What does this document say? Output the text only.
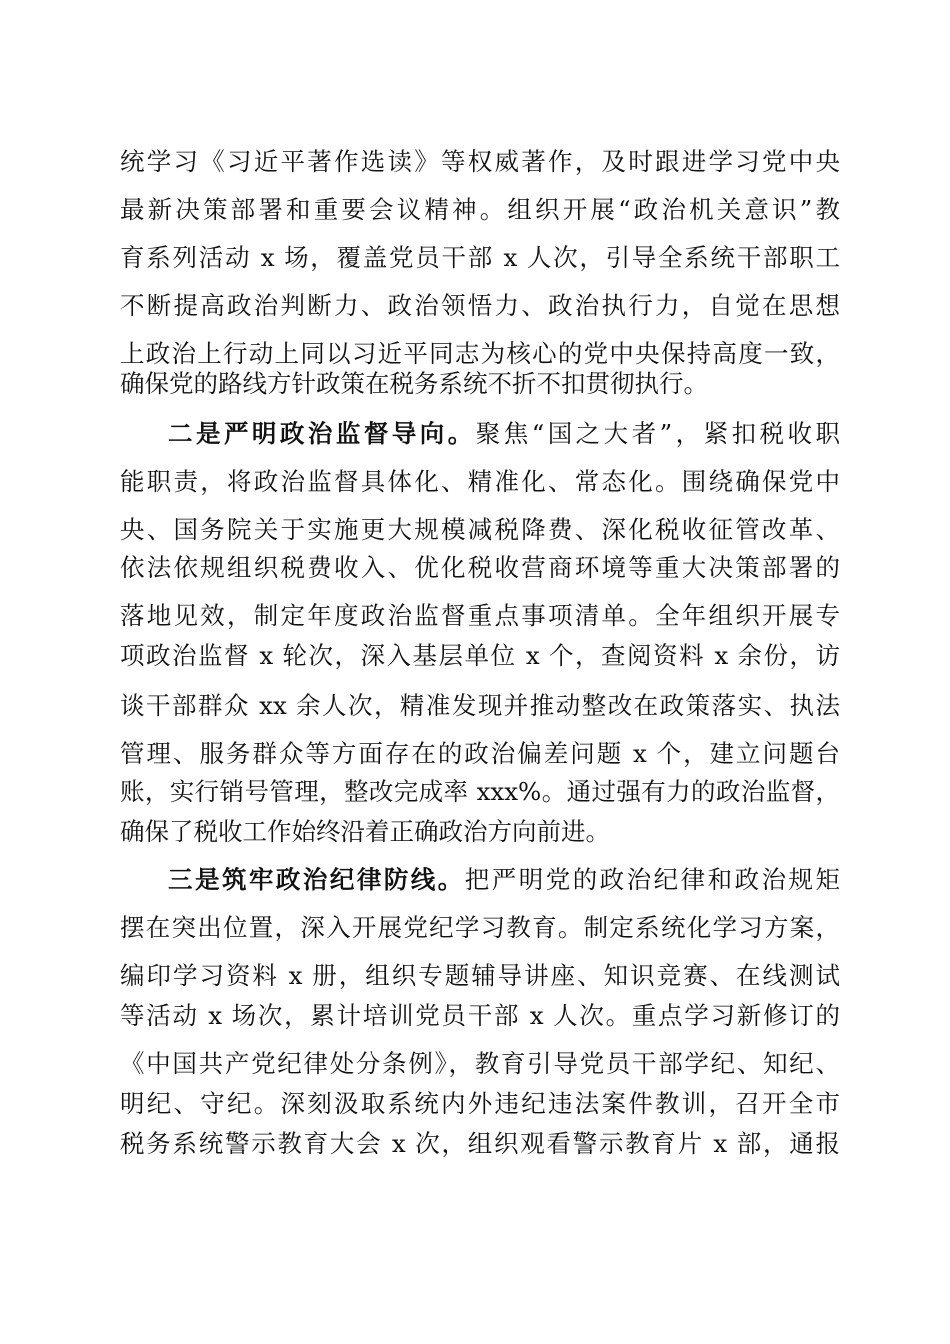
统学习《习近平著作选读》等权威著作，及时跟进学习党中央
最新决策部署和重要会议精神。组织开展“政治机关意识”教
育系列活动 x 场，覆盖党员干部 x 人次，引导全系统干部职工
不断提高政治判断力、政治领悟力、政治执行力，自觉在思想
上政治上行动上同以习近平同志为核心的党中央保持高度一致，
确保党的路线方针政策在税务系统不折不扣贯彻执行。
二是严明政治监督导向。聚焦“国之大者”，紧扣税收职
能职责，将政治监督具体化、精准化、常态化。围绕确保党中
央、国务院关于实施更大规模减税降费、深化税收征管改革、
依法依规组织税费收入、优化税收营商环境等重大决策部署的
落地见效，制定年度政治监督重点事项清单。全年组织开展专
项政治监督 x 轮次，深入基层单位 x 个，查阅资料 x 余份，访
谈干部群众 xx 余人次，精准发现并推动整改在政策落实、执法
管理、服务群众等方面存在的政治偏差问题 x 个，建立问题台
账，实行销号管理，整改完成率 xxx%。通过强有力的政治监督，
确保了税收工作始终沿着正确政治方向前进。
三是筑牢政治纪律防线。把严明党的政治纪律和政治规矩
摆在突出位置，深入开展党纪学习教育。制定系统化学习方案，
编印学习资料 x 册，组织专题辅导讲座、知识竞赛、在线测试
等活动 x 场次，累计培训党员干部 x 人次。重点学习新修订的
《中国共产党纪律处分条例》，教育引导党员干部学纪、知纪、
明纪、守纪。深刻汲取系统内外违纪违法案件教训，召开全市
税务系统警示教育大会 x 次，组织观看警示教育片 x 部，通报
